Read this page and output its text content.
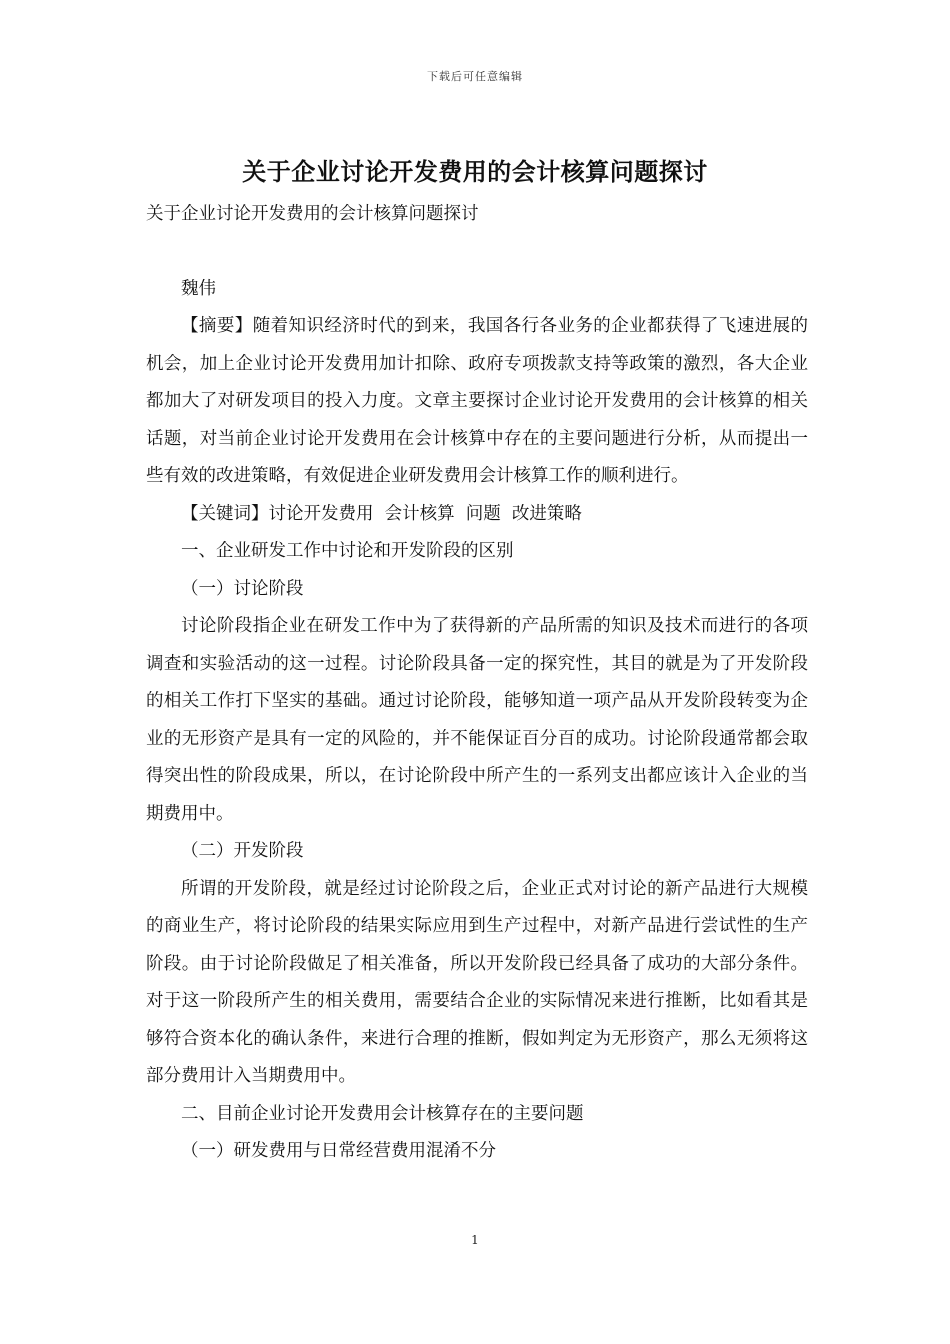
下载后可任意编辑
关于企业讨论开发费用的会计核算问题探讨

关于企业讨论开发费用的会计核算问题探讨

魏伟

【摘要】随着知识经济时代的到来，我国各行各业务的企业都获得了飞速进展的机会，加上企业讨论开发费用加计扣除、政府专项拨款支持等政策的激烈，各大企业都加大了对研发项目的投入力度。文章主要探讨企业讨论开发费用的会计核算的相关话题，对当前企业讨论开发费用在会计核算中存在的主要问题进行分析，从而提出一些有效的改进策略，有效促进企业研发费用会计核算工作的顺利进行。

【关键词】讨论开发费用  会计核算  问题  改进策略

一、企业研发工作中讨论和开发阶段的区别

（一）讨论阶段

讨论阶段指企业在研发工作中为了获得新的产品所需的知识及技术而进行的各项调查和实验活动的这一过程。讨论阶段具备一定的探究性，其目的就是为了开发阶段的相关工作打下坚实的基础。通过讨论阶段，能够知道一项产品从开发阶段转变为企业的无形资产是具有一定的风险的，并不能保证百分百的成功。讨论阶段通常都会取得突出性的阶段成果，所以，在讨论阶段中所产生的一系列支出都应该计入企业的当期费用中。

（二）开发阶段

所谓的开发阶段，就是经过讨论阶段之后，企业正式对讨论的新产品进行大规模的商业生产，将讨论阶段的结果实际应用到生产过程中，对新产品进行尝试性的生产阶段。由于讨论阶段做足了相关准备，所以开发阶段已经具备了成功的大部分条件。对于这一阶段所产生的相关费用，需要结合企业的实际情况来进行推断，比如看其是够符合资本化的确认条件，来进行合理的推断，假如判定为无形资产，那么无须将这部分费用计入当期费用中。

二、目前企业讨论开发费用会计核算存在的主要问题

（一）研发费用与日常经营费用混淆不分

1
